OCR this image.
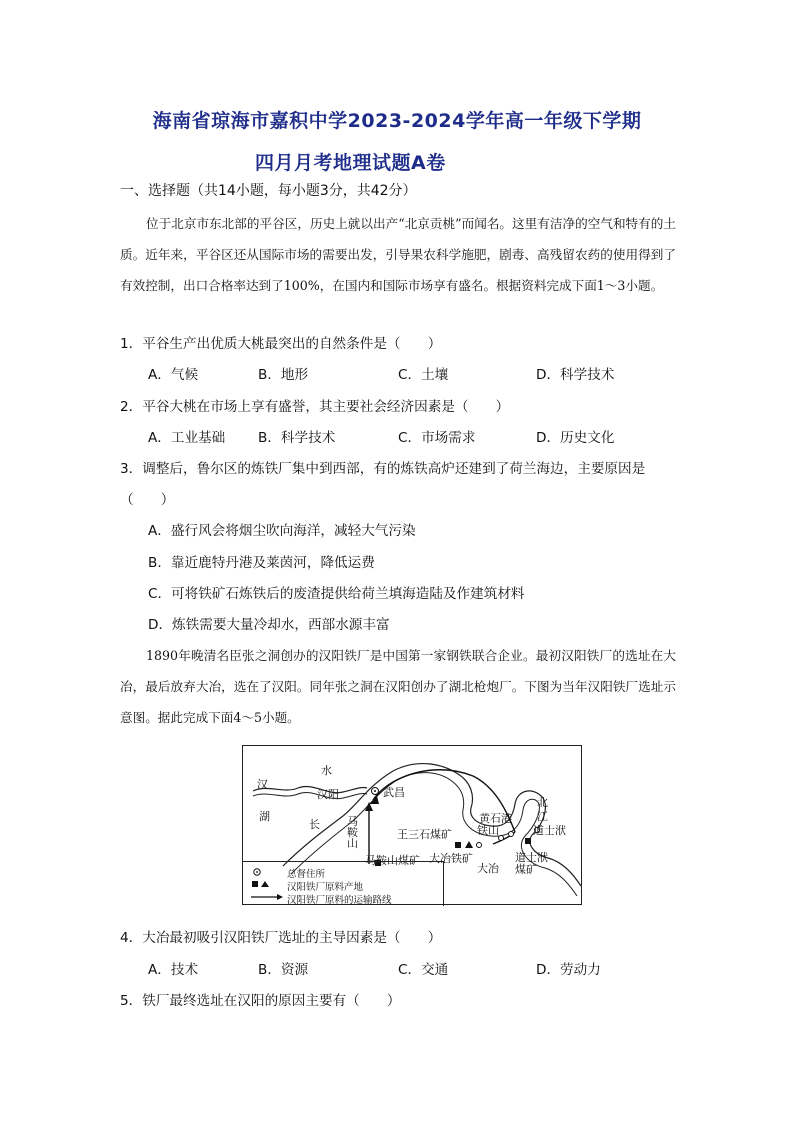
海南省琼海市嘉积中学2023-2024学年高一年级下学期
四月月考地理试题A卷
一、选择题（共14小题，每小题3分，共42分）

位于北京市东北部的平谷区，历史上就以出产“北京贡桃”而闻名。这里有洁净的空气和特有的土质。近年来，平谷区还从国际市场的需要出发，引导果农科学施肥，剧毒、高残留农药的使用得到了有效控制，出口合格率达到了100%，在国内和国际市场享有盛名。根据资料完成下面1～3小题。

1．平谷生产出优质大桃最突出的自然条件是（　　）
A．气候	B．地形	C．土壤	D．科学技术
2．平谷大桃在市场上享有盛誉，其主要社会经济因素是（　　）
A．工业基础 B．科学技术	C．市场需求	D．历史文化
3．调整后，鲁尔区的炼铁厂集中到西部，有的炼铁高炉还建到了荷兰海边，主要原因是
（　　）
A．盛行风会将烟尘吹向海洋，减轻大气污染
B．靠近鹿特丹港及莱茵河，降低运费
C．可将铁矿石炼铁后的废渣提供给荷兰填海造陆及作建筑材料
D．炼铁需要大量冷却水，西部水源丰富

1890年晚清名臣张之洞创办的汉阳铁厂是中国第一家钢铁联合企业。最初汉阳铁厂的选址在大冶，最后放弃大冶，选在了汉阳。同年张之洞在汉阳创办了湖北枪炮厂。下图为当年汉阳铁厂选址示意图。据此完成下面4～5小题。

汉
水
湖
汉阳	武昌
长 马
鞍
山
马鞍山煤矿
王三石煤矿
黄石港
铁山
大冶铁矿
大冶
北
江
道士洑
道士洑
煤矿
总督住所
汉阳铁厂原料产地
汉阳铁厂原料的运输路线
4．大冶最初吸引汉阳铁厂选址的主导因素是（　　）
A．技术	B．资源	C．交通	D．劳动力
5．铁厂最终选址在汉阳的原因主要有（　　）
